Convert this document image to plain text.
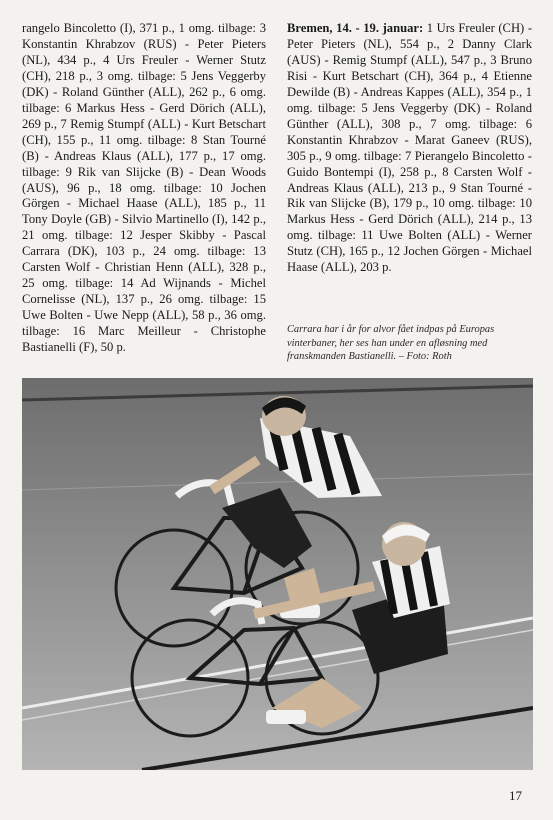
rangelo Bincoletto (I), 371 p., 1 omg. tilbage: 3 Konstantin Khrabzov (RUS) - Peter Pieters (NL), 434 p., 4 Urs Freuler - Werner Stutz (CH), 218 p., 3 omg. tilbage: 5 Jens Veggerby (DK) - Roland Günther (ALL), 262 p., 6 omg. tilbage: 6 Markus Hess - Gerd Dörich (ALL), 269 p., 7 Remig Stumpf (ALL) - Kurt Betschart (CH), 155 p., 11 omg. tilbage: 8 Stan Tourné (B) - Andreas Klaus (ALL), 177 p., 17 omg. tilbage: 9 Rik van Slijcke (B) - Dean Woods (AUS), 96 p., 18 omg. tilbage: 10 Jochen Görgen - Michael Haase (ALL), 185 p., 11 Tony Doyle (GB) - Silvio Martinello (I), 142 p., 21 omg. tilbage: 12 Jesper Skibby - Pascal Carrara (DK), 103 p., 24 omg. tilbage: 13 Carsten Wolf - Christian Henn (ALL), 328 p., 25 omg. tilbage: 14 Ad Wijnands - Michel Cornelisse (NL), 137 p., 26 omg. tilbage: 15 Uwe Bolten - Uwe Nepp (ALL), 58 p., 36 omg. tilbage: 16 Marc Meilleur - Christophe Bastianelli (F), 50 p.

Bremen, 14. - 19. januar: 1 Urs Freuler (CH) - Peter Pieters (NL), 554 p., 2 Danny Clark (AUS) - Remig Stumpf (ALL), 547 p., 3 Bruno Risi - Kurt Betschart (CH), 364 p., 4 Etienne Dewilde (B) - Andreas Kappes (ALL), 354 p., 1 omg. tilbage: 5 Jens Veggerby (DK) - Roland Günther (ALL), 308 p., 7 omg. tilbage: 6 Konstantin Khrabzov - Marat Ganeev (RUS), 305 p., 9 omg. tilbage: 7 Pierangelo Bincoletto - Guido Bontempi (I), 258 p., 8 Carsten Wolf - Andreas Klaus (ALL), 213 p., 9 Stan Tourné - Rik van Slijcke (B), 179 p., 10 omg. tilbage: 10 Markus Hess - Gerd Dörich (ALL), 214 p., 13 omg. tilbage: 11 Uwe Bolten (ALL) - Werner Stutz (CH), 165 p., 12 Jochen Görgen - Michael Haase (ALL), 203 p.

Carrara har i år for alvor fået indpas på Europas vinterbaner, her ses han under en afløsning med franskmanden Bastianelli. – Foto: Roth

17
